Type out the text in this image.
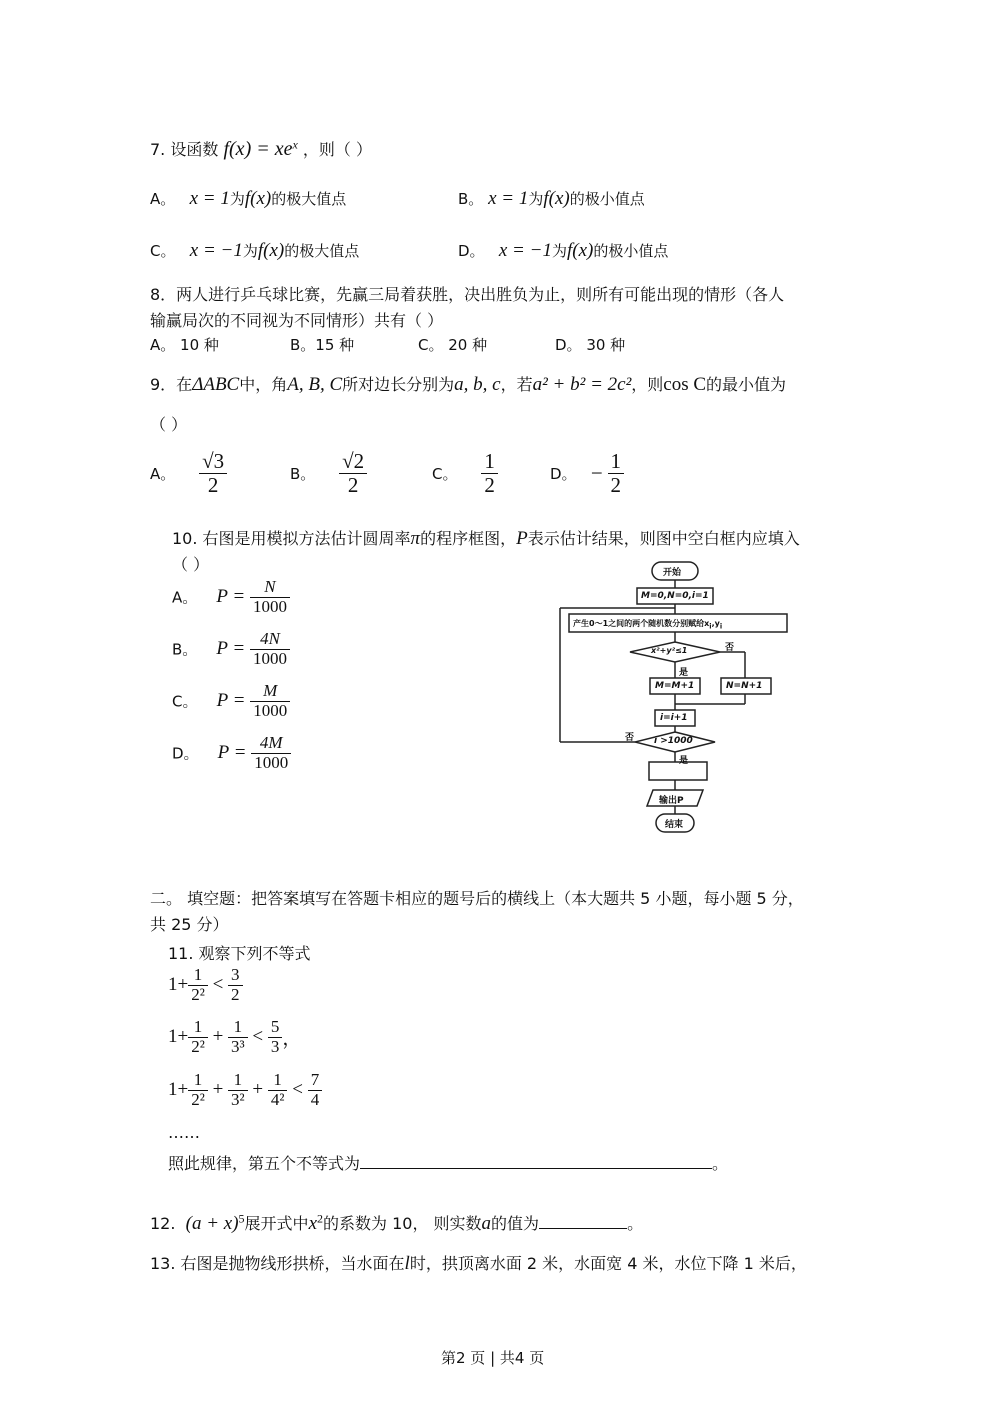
7. 设函数 $f(x) = xe^x$ ，则（ ）
A。 x = 1为f(x)的极大值点	B。 x = 1为f(x)的极小值点
C。 x = −1为f(x)的极大值点	D。 x = −1为f(x)的极小值点
8．两人进行乒乓球比赛，先赢三局着获胜，决出胜负为止，则所有可能出现的情形（各人
输赢局次的不同视为不同情形）共有（ ）
A。 10 种	B。15 种	C。 20 种	D。 30 种
9．在ΔABC中，角A, B, C所对边长分别为a, b, c，若a² + b² = 2c²，则cos C的最小值为
（ ）
A。 $\frac{√3}{2}$	B。 $\frac{√2}{2}$	C。 $\frac{1}{2}$	D。 − $\frac{1}{2}$
10. 右图是用模拟方法估计圆周率π的程序框图，P表示估计结果，则图中空白框内应填入
（ ）
A。 $P = \frac{N}{1000}$
B。 $P = \frac{4N}{1000}$
C。 $P = \frac{M}{1000}$
D。 $P = \frac{4M}{1000}$
开始
M=0,N=0,i=1
产生0～1之间的两个随机数分别赋给$x_i,y_i$
x²+y²≤1	否
是
M=M+1	N=N+1
i=i+1
i >1000
否
是
输出P
结束
二。 填空题：把答案填写在答题卡相应的题号后的横线上（本大题共 5 小题，每小题 5 分，
共 25 分）
11. 观察下列不等式
$1+ \frac{1}{\text{2²}} < \frac{3}{2}$
$1+ \frac{1}{\text{2²}} + \frac{1}{\text{3³}} < \frac{5}{3}$ ，
$1+ \frac{1}{\text{2²}} + \frac{1}{\text{3²}} + \frac{1}{\text{4²}} < \frac{7}{4}$
……
照此规律，第五个不等式为	。
12. $(a + x)^5$展开式中$x^2$的系数为 10， 则实数a的值为	。
13. 右图是抛物线形拱桥，当水面在l时，拱顶离水面 2 米，水面宽 4 米，水位下降 1 米后，
第2 页 | 共4 页
